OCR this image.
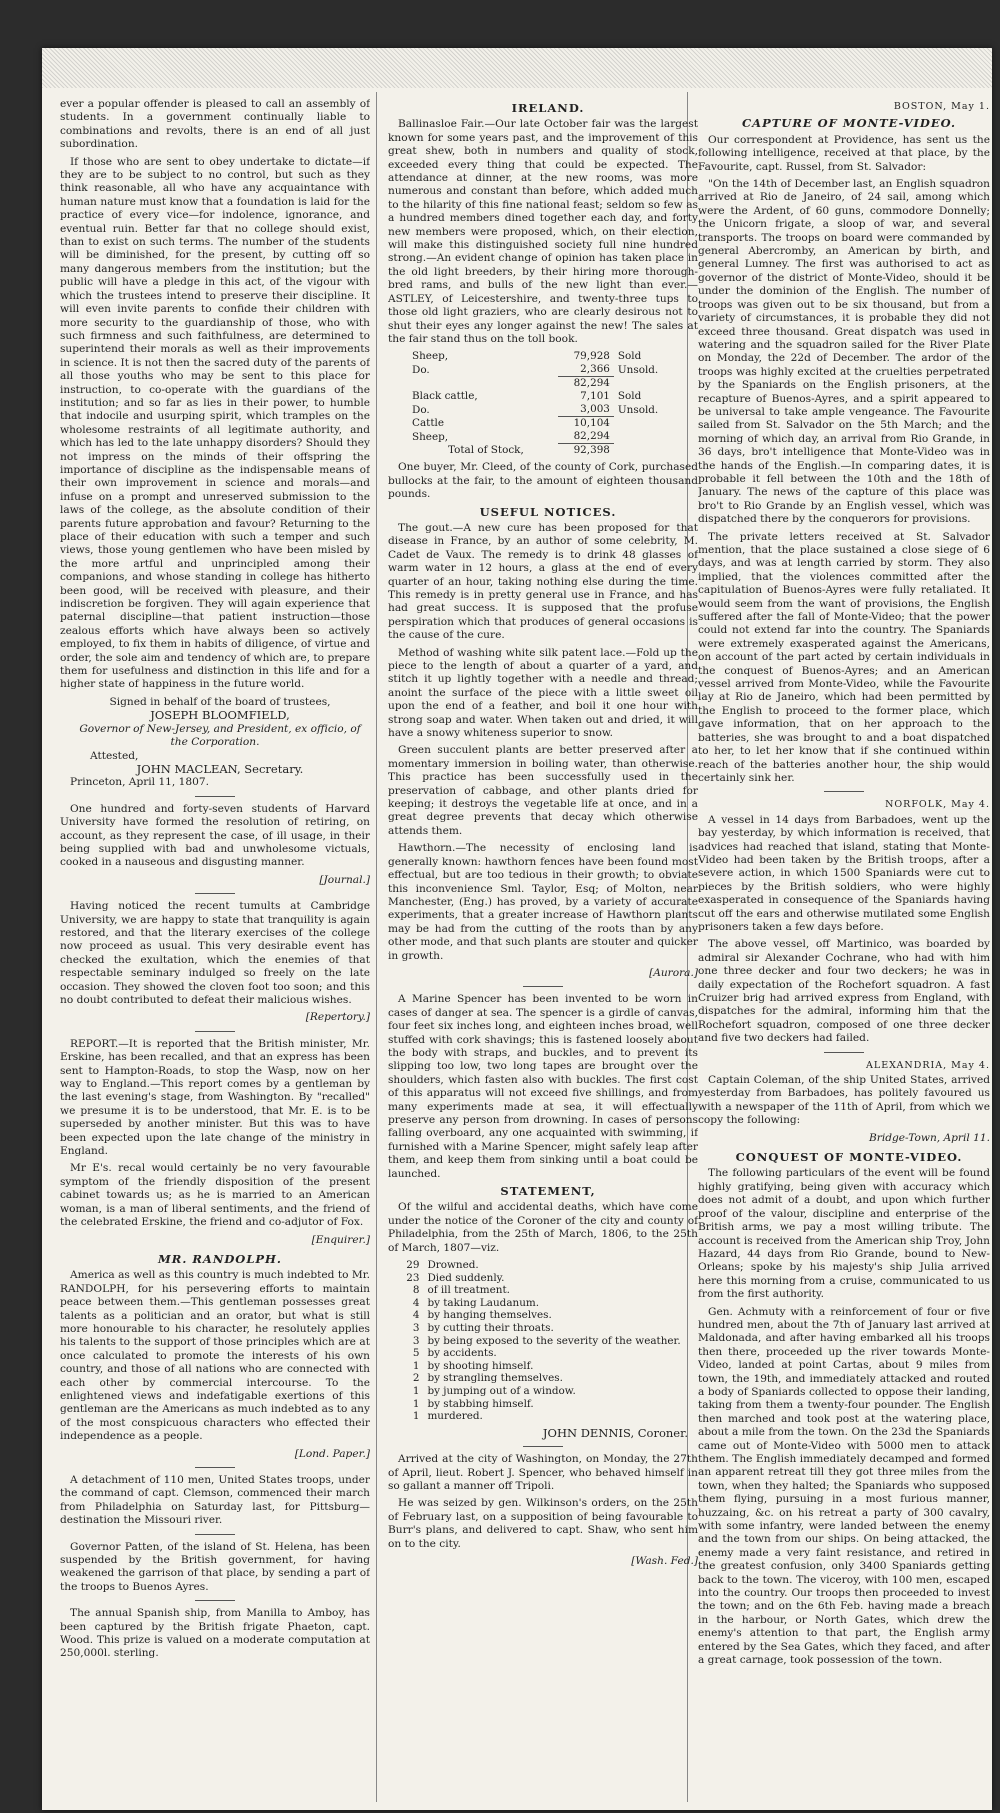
ever a popular offender is pleased to call an assembly of students. In a government continually liable to combinations and revolts, there is an end of all just subordination.

If those who are sent to obey undertake to dictate—if they are to be subject to no control, but such as they think reasonable, all who have any acquaintance with human nature must know that a foundation is laid for the practice of every vice—for indolence, ignorance, and eventual ruin. Better far that no college should exist, than to exist on such terms. The number of the students will be diminished, for the present, by cutting off so many dangerous members from the institution; but the public will have a pledge in this act, of the vigour with which the trustees intend to preserve their discipline. It will even invite parents to confide their children with more security to the guardianship of those, who with such firmness and such faithfulness, are determined to superintend their morals as well as their improvements in science. It is not then the sacred duty of the parents of all those youths who may be sent to this place for instruction, to co-operate with the guardians of the institution; and so far as lies in their power, to humble that indocile and usurping spirit, which tramples on the wholesome restraints of all legitimate authority, and which has led to the late unhappy disorders? Should they not impress on the minds of their offspring the importance of discipline as the indispensable means of their own improvement in science and morals—and infuse on a prompt and unreserved submission to the laws of the college, as the absolute condition of their parents future approbation and favour? Returning to the place of their education with such a temper and such views, those young gentlemen who have been misled by the more artful and unprincipled among their companions, and whose standing in college has hitherto been good, will be received with pleasure, and their indiscretion be forgiven. They will again experience that paternal discipline—that patient instruction—those zealous efforts which have always been so actively employed, to fix them in habits of diligence, of virtue and order, the sole aim and tendency of which are, to prepare them for usefulness and distinction in this life and for a higher state of happiness in the future world.

Signed in behalf of the board of trustees,

JOSEPH BLOOMFIELD,

Governor of New-Jersey, and President, ex officio, of the Corporation.

Attested,

JOHN MACLEAN, Secretary.

Princeton, April 11, 1807.

One hundred and forty-seven students of Harvard University have formed the resolution of retiring, on account, as they represent the case, of ill usage, in their being supplied with bad and unwholesome victuals, cooked in a nauseous and disgusting manner.

[Journal.]

Having noticed the recent tumults at Cambridge University, we are happy to state that tranquility is again restored, and that the literary exercises of the college now proceed as usual. This very desirable event has checked the exultation, which the enemies of that respectable seminary indulged so freely on the late occasion. They showed the cloven foot too soon; and this no doubt contributed to defeat their malicious wishes.

[Repertory.]

REPORT.—It is reported that the British minister, Mr. Erskine, has been recalled, and that an express has been sent to Hampton-Roads, to stop the Wasp, now on her way to England.—This report comes by a gentleman by the last evening's stage, from Washington. By "recalled" we presume it is to be understood, that Mr. E. is to be superseded by another minister. But this was to have been expected upon the late change of the ministry in England.

Mr E's. recal would certainly be no very favourable symptom of the friendly disposition of the present cabinet towards us; as he is married to an American woman, is a man of liberal sentiments, and the friend of the celebrated Erskine, the friend and co-adjutor of Fox.

[Enquirer.]

MR. RANDOLPH.

America as well as this country is much indebted to Mr. RANDOLPH, for his persevering efforts to maintain peace between them.—This gentleman possesses great talents as a politician and an orator, but what is still more honourable to his character, he resolutely applies his talents to the support of those principles which are at once calculated to promote the interests of his own country, and those of all nations who are connected with each other by commercial intercourse. To the enlightened views and indefatigable exertions of this gentleman are the Americans as much indebted as to any of the most conspicuous characters who effected their independence as a people.

[Lond. Paper.]

A detachment of 110 men, United States troops, under the command of capt. Clemson, commenced their march from Philadelphia on Saturday last, for Pittsburg—destination the Missouri river.

Governor Patten, of the island of St. Helena, has been suspended by the British government, for having weakened the garrison of that place, by sending a part of the troops to Buenos Ayres.

The annual Spanish ship, from Manilla to Amboy, has been captured by the British frigate Phaeton, capt. Wood. This prize is valued on a moderate computation at 250,000l. sterling.

IRELAND.

Ballinasloe Fair.—Our late October fair was the largest known for some years past, and the improvement of this great shew, both in numbers and quality of stock, exceeded every thing that could be expected. The attendance at dinner, at the new rooms, was more numerous and constant than before, which added much to the hilarity of this fine national feast; seldom so few as a hundred members dined together each day, and forty new members were proposed, which, on their election, will make this distinguished society full nine hundred strong.—An evident change of opinion has taken place in the old light breeders, by their hiring more thorough-bred rams, and bulls of the new light than ever.—ASTLEY, of Leicestershire, and twenty-three tups to those old light graziers, who are clearly desirous not to shut their eyes any longer against the new! The sales at the fair stand thus on the toll book.

Sheep,	79,928	Sold
Do.	2,366	Unsold.
	82,294	
Black cattle,	7,101	Sold
Do.	3,003	Unsold.
Cattle	10,104	
Sheep,	82,294	
Total of Stock,	92,398	

One buyer, Mr. Cleed, of the county of Cork, purchased bullocks at the fair, to the amount of eighteen thousand pounds.

USEFUL NOTICES.

The gout.—A new cure has been proposed for that disease in France, by an author of some celebrity, M. Cadet de Vaux. The remedy is to drink 48 glasses of warm water in 12 hours, a glass at the end of every quarter of an hour, taking nothing else during the time. This remedy is in pretty general use in France, and has had great success. It is supposed that the profuse perspiration which that produces of general occasions is the cause of the cure.

Method of washing white silk patent lace.—Fold up the piece to the length of about a quarter of a yard, and stitch it up lightly together with a needle and thread; anoint the surface of the piece with a little sweet oil upon the end of a feather, and boil it one hour with strong soap and water. When taken out and dried, it will have a snowy whiteness superior to snow.

Green succulent plants are better preserved after a momentary immersion in boiling water, than otherwise. This practice has been successfully used in the preservation of cabbage, and other plants dried for keeping; it destroys the vegetable life at once, and in a great degree prevents that decay which otherwise attends them.

Hawthorn.—The necessity of enclosing land is generally known: hawthorn fences have been found most effectual, but are too tedious in their growth; to obviate this inconvenience Sml. Taylor, Esq; of Molton, near Manchester, (Eng.) has proved, by a variety of accurate experiments, that a greater increase of Hawthorn plants may be had from the cutting of the roots than by any other mode, and that such plants are stouter and quicker in growth.

[Aurora.]

A Marine Spencer has been invented to be worn in cases of danger at sea. The spencer is a girdle of canvas, four feet six inches long, and eighteen inches broad, well stuffed with cork shavings; this is fastened loosely about the body with straps, and buckles, and to prevent its slipping too low, two long tapes are brought over the shoulders, which fasten also with buckles. The first cost of this apparatus will not exceed five shillings, and from many experiments made at sea, it will effectually preserve any person from drowning. In cases of persons falling overboard, any one acquainted with swimming, if furnished with a Marine Spencer, might safely leap after them, and keep them from sinking until a boat could be launched.

STATEMENT,

Of the wilful and accidental deaths, which have come under the notice of the Coroner of the city and county of Philadelphia, from the 25th of March, 1806, to the 25th of March, 1807—viz.

29	Drowned.
23	Died suddenly.
8	of ill treatment.
4	by taking Laudanum.
4	by hanging themselves.
3	by cutting their throats.
3	by being exposed to the severity of the weather.
5	by accidents.
1	by shooting himself.
2	by strangling themselves.
1	by jumping out of a window.
1	by stabbing himself.
1	murdered.

JOHN DENNIS, Coroner.

Arrived at the city of Washington, on Monday, the 27th of April, lieut. Robert J. Spencer, who behaved himself in so gallant a manner off Tripoli.

He was seized by gen. Wilkinson's orders, on the 25th of February last, on a supposition of being favourable to Burr's plans, and delivered to capt. Shaw, who sent him on to the city.

[Wash. Fed.]

BOSTON, May 1.

CAPTURE OF MONTE-VIDEO.

Our correspondent at Providence, has sent us the following intelligence, received at that place, by the Favourite, capt. Russel, from St. Salvador:

"On the 14th of December last, an English squadron arrived at Rio de Janeiro, of 24 sail, among which were the Ardent, of 60 guns, commodore Donnelly; the Unicorn frigate, a sloop of war, and several transports. The troops on board were commanded by general Abercromby, an American by birth, and general Lumney. The first was authorised to act as governor of the district of Monte-Video, should it be under the dominion of the English. The number of troops was given out to be six thousand, but from a variety of circumstances, it is probable they did not exceed three thousand. Great dispatch was used in watering and the squadron sailed for the River Plate on Monday, the 22d of December. The ardor of the troops was highly excited at the cruelties perpetrated by the Spaniards on the English prisoners, at the recapture of Buenos-Ayres, and a spirit appeared to be universal to take ample vengeance. The Favourite sailed from St. Salvador on the 5th March; and the morning of which day, an arrival from Rio Grande, in 36 days, bro't intelligence that Monte-Video was in the hands of the English.—In comparing dates, it is probable it fell between the 10th and the 18th of January. The news of the capture of this place was bro't to Rio Grande by an English vessel, which was dispatched there by the conquerors for provisions.

The private letters received at St. Salvador mention, that the place sustained a close siege of 6 days, and was at length carried by storm. They also implied, that the violences committed after the capitulation of Buenos-Ayres were fully retaliated. It would seem from the want of provisions, the English suffered after the fall of Monte-Video; that the power could not extend far into the country. The Spaniards were extremely exasperated against the Americans, on account of the part acted by certain individuals in the conquest of Buenos-Ayres; and an American vessel arrived from Monte-Video, while the Favourite lay at Rio de Janeiro, which had been permitted by the English to proceed to the former place, which gave information, that on her approach to the batteries, she was brought to and a boat dispatched to her, to let her know that if she continued within reach of the batteries another hour, the ship would certainly sink her.

NORFOLK, May 4.

A vessel in 14 days from Barbadoes, went up the bay yesterday, by which information is received, that advices had reached that island, stating that Monte-Video had been taken by the British troops, after a severe action, in which 1500 Spaniards were cut to pieces by the British soldiers, who were highly exasperated in consequence of the Spaniards having cut off the ears and otherwise mutilated some English prisoners taken a few days before.

The above vessel, off Martinico, was boarded by admiral sir Alexander Cochrane, who had with him one three decker and four two deckers; he was in daily expectation of the Rochefort squadron. A fast Cruizer brig had arrived express from England, with dispatches for the admiral, informing him that the Rochefort squadron, composed of one three decker and five two deckers had failed.

ALEXANDRIA, May 4.

Captain Coleman, of the ship United States, arrived yesterday from Barbadoes, has politely favoured us with a newspaper of the 11th of April, from which we copy the following:

Bridge-Town, April 11.

CONQUEST OF MONTE-VIDEO.

The following particulars of the event will be found highly gratifying, being given with accuracy which does not admit of a doubt, and upon which further proof of the valour, discipline and enterprise of the British arms, we pay a most willing tribute. The account is received from the American ship Troy, John Hazard, 44 days from Rio Grande, bound to New-Orleans; spoke by his majesty's ship Julia arrived here this morning from a cruise, communicated to us from the first authority.

Gen. Achmuty with a reinforcement of four or five hundred men, about the 7th of January last arrived at Maldonada, and after having embarked all his troops then there, proceeded up the river towards Monte-Video, landed at point Cartas, about 9 miles from town, the 19th, and immediately attacked and routed a body of Spaniards collected to oppose their landing, taking from them a twenty-four pounder. The English then marched and took post at the watering place, about a mile from the town. On the 23d the Spaniards came out of Monte-Video with 5000 men to attack them. The English immediately decamped and formed an apparent retreat till they got three miles from the town, when they halted; the Spaniards who supposed them flying, pursuing in a most furious manner, huzzaing, &c. on his retreat a party of 300 cavalry, with some infantry, were landed between the enemy and the town from our ships. On being attacked, the enemy made a very faint resistance, and retired in the greatest confusion, only 3400 Spaniards getting back to the town. The viceroy, with 100 men, escaped into the country. Our troops then proceeded to invest the town; and on the 6th Feb. having made a breach in the harbour, or North Gates, which drew the enemy's attention to that part, the English army entered by the Sea Gates, which they faced, and after a great carnage, took possession of the town.
